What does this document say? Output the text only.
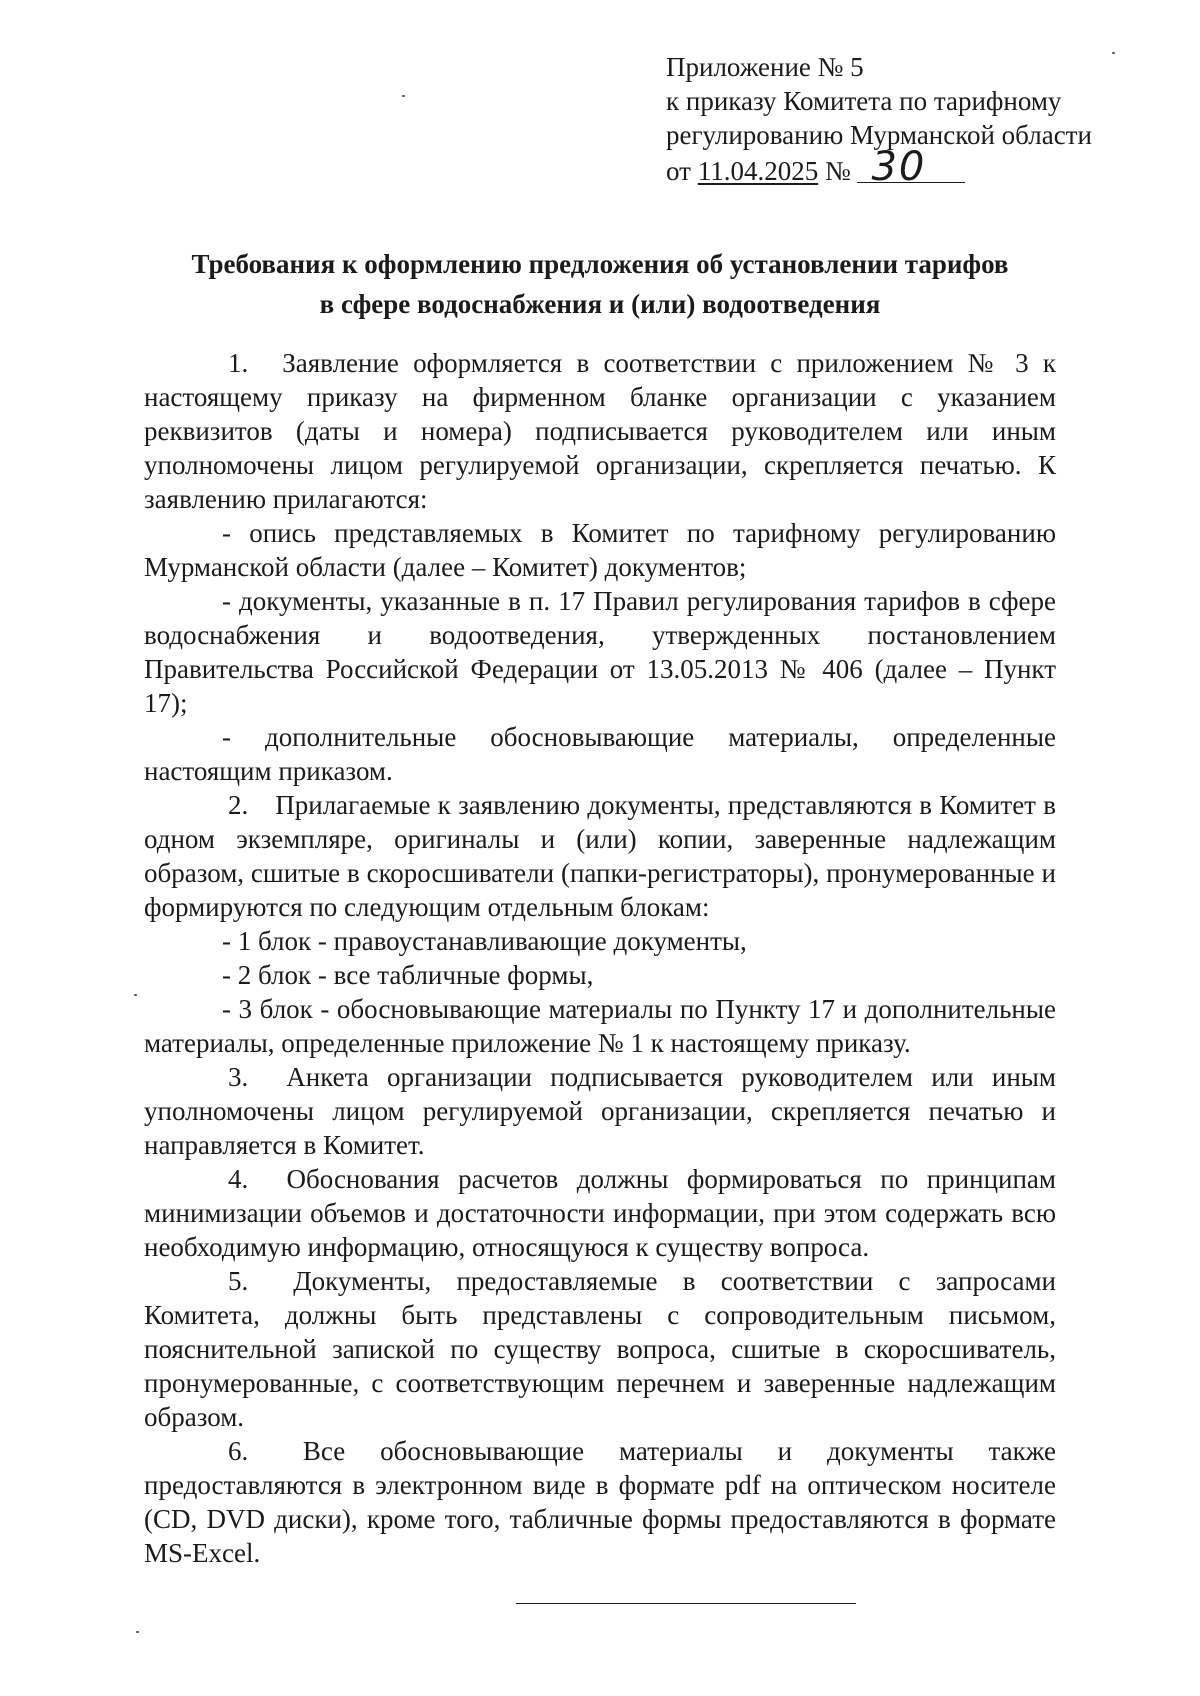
Приложение № 5
к приказу Комитета по тарифному
регулированию Мурманской области
от 11.04.2025 № 30
Требования к оформлению предложения об установлении тарифов
в сфере водоснабжения и (или) водоотведения

1. Заявление оформляется в соответствии с приложением № 3 к настоящему приказу на фирменном бланке организации с указанием реквизитов (даты и номера) подписывается руководителем или иным уполномочены лицом регулируемой организации, скрепляется печатью. К заявлению прилагаются:

- опись представляемых в Комитет по тарифному регулированию Мурманской области (далее – Комитет) документов;

- документы, указанные в п. 17 Правил регулирования тарифов в сфере водоснабжения и водоотведения, утвержденных постановлением Правительства Российской Федерации от 13.05.2013 № 406 (далее – Пункт 17);

- дополнительные обосновывающие материалы, определенные настоящим приказом.

2. Прилагаемые к заявлению документы, представляются в Комитет в одном экземпляре, оригиналы и (или) копии, заверенные надлежащим образом, сшитые в скоросшиватели (папки-регистраторы), пронумерованные и формируются по следующим отдельным блокам:

- 1 блок - правоустанавливающие документы,

- 2 блок - все табличные формы,

- 3 блок - обосновывающие материалы по Пункту 17 и дополнительные материалы, определенные приложение № 1 к настоящему приказу.

3. Анкета организации подписывается руководителем или иным уполномочены лицом регулируемой организации, скрепляется печатью и направляется в Комитет.

4. Обоснования расчетов должны формироваться по принципам минимизации объемов и достаточности информации, при этом содержать всю необходимую информацию, относящуюся к существу вопроса.

5. Документы, предоставляемые в соответствии с запросами Комитета, должны быть представлены с сопроводительным письмом, пояснительной запиской по существу вопроса, сшитые в скоросшиватель, пронумерованные, с соответствующим перечнем и заверенные надлежащим образом.

6. Все обосновывающие материалы и документы также предоставляются в электронном виде в формате pdf на оптическом носителе (CD, DVD диски), кроме того, табличные формы предоставляются в формате MS-Excel.
